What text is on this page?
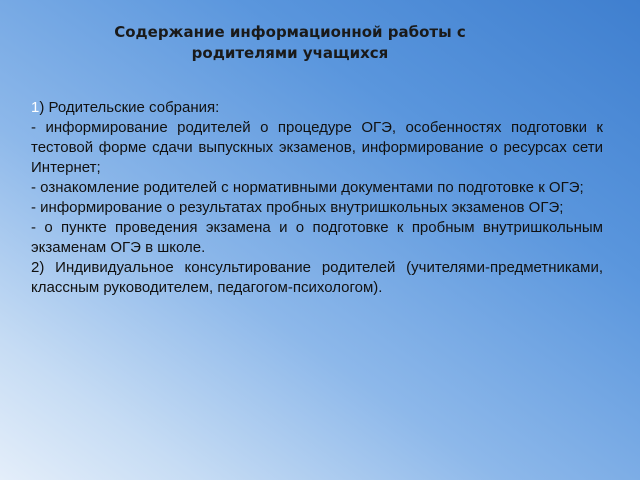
Содержание информационной работы с
родителями учащихся
1) Родительские собрания:
- информирование родителей о процедуре ОГЭ, особенностях подготовки к тестовой форме сдачи выпускных экзаменов, информирование о ресурсах сети Интернет;
- ознакомление родителей с нормативными документами по подготовке к ОГЭ;
- информирование о результатах пробных внутришкольных экзаменов ОГЭ;
- о пункте проведения экзамена и о подготовке к пробным внутришкольным экзаменам ОГЭ в школе.
2) Индивидуальное консультирование родителей (учителями-предметниками, классным руководителем, педагогом-психологом).
